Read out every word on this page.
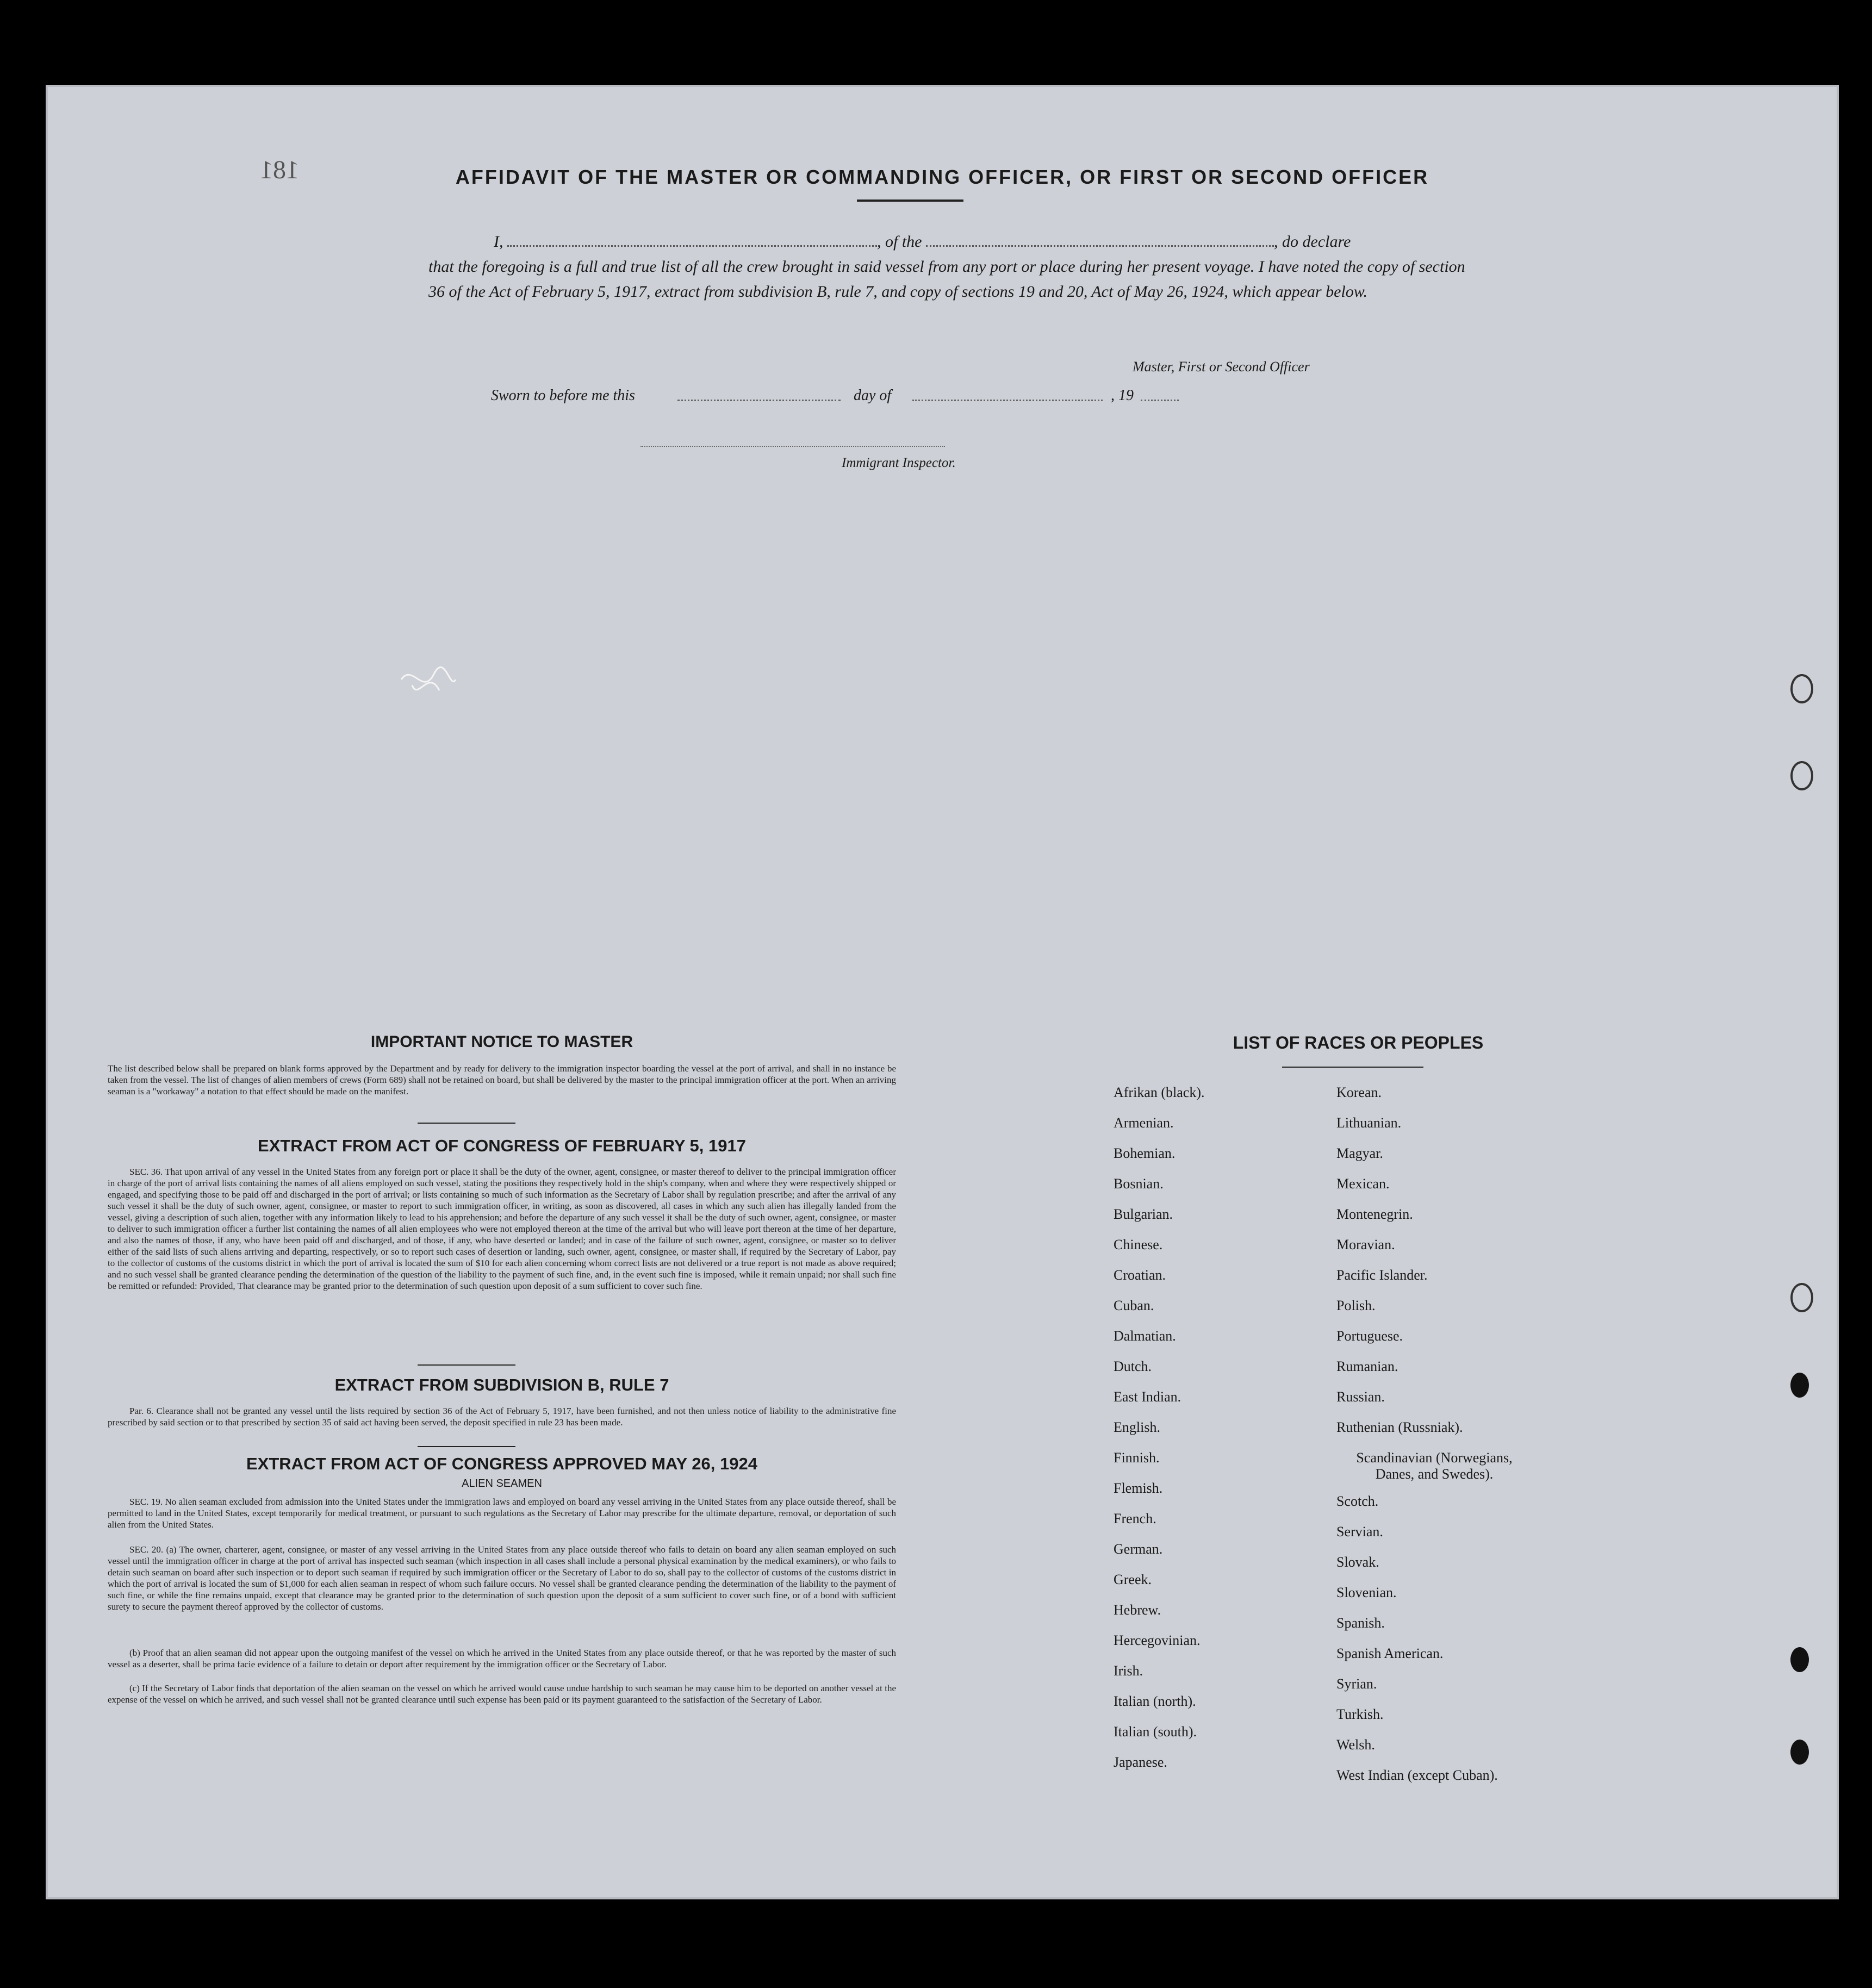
181	AFFIDAVIT OF THE MASTER OR COMMANDING OFFICER, OR FIRST OR SECOND OFFICER
I,	, of the	, do declare
that the foregoing is a full and true list of all the crew brought in said vessel from any port or place during her present voyage. I have noted the copy of section 36 of the Act of February 5, 1917, extract from subdivision B, rule 7, and copy of sections 19 and 20, Act of May 26, 1924, which appear below.
Master, First or Second Officer
Sworn to before me this	day of	, 19
Immigrant Inspector.
IMPORTANT NOTICE TO MASTER
The list described below shall be prepared on blank forms approved by the Department and by ready for delivery to the immigration inspector boarding the vessel at the port of arrival, and shall in no instance be taken from the vessel. The list of changes of alien members of crews (Form 689) shall not be retained on board, but shall be delivered by the master to the principal immigration officer at the port. When an arriving seaman is a "workaway" a notation to that effect should be made on the manifest.
EXTRACT FROM ACT OF CONGRESS OF FEBRUARY 5, 1917
SEC. 36. That upon arrival of any vessel in the United States from any foreign port or place it shall be the duty of the owner, agent, consignee, or master thereof to deliver to the principal immigration officer in charge of the port of arrival lists containing the names of all aliens employed on such vessel, stating the positions they respectively hold in the ship's company, when and where they were respectively shipped or engaged, and specifying those to be paid off and discharged in the port of arrival; or lists containing so much of such information as the Secretary of Labor shall by regulation prescribe; and after the arrival of any such vessel it shall be the duty of such owner, agent, consignee, or master to report to such immigration officer, in writing, as soon as discovered, all cases in which any such alien has illegally landed from the vessel, giving a description of such alien, together with any information likely to lead to his apprehension; and before the departure of any such vessel it shall be the duty of such owner, agent, consignee, or master to deliver to such immigration officer a further list containing the names of all alien employees who were not employed thereon at the time of the arrival but who will leave port thereon at the time of her departure, and also the names of those, if any, who have been paid off and discharged, and of those, if any, who have deserted or landed; and in case of the failure of such owner, agent, consignee, or master so to deliver either of the said lists of such aliens arriving and departing, respectively, or so to report such cases of desertion or landing, such owner, agent, consignee, or master shall, if required by the Secretary of Labor, pay to the collector of customs of the customs district in which the port of arrival is located the sum of $10 for each alien concerning whom correct lists are not delivered or a true report is not made as above required; and no such vessel shall be granted clearance pending the determination of the question of the liability to the payment of such fine, and, in the event such fine is imposed, while it remain unpaid; nor shall such fine be remitted or refunded: Provided, That clearance may be granted prior to the determination of such question upon deposit of a sum sufficient to cover such fine.
EXTRACT FROM SUBDIVISION B, RULE 7
Par. 6. Clearance shall not be granted any vessel until the lists required by section 36 of the Act of February 5, 1917, have been furnished, and not then unless notice of liability to the administrative fine prescribed by said section or to that prescribed by section 35 of said act having been served, the deposit specified in rule 23 has been made.
EXTRACT FROM ACT OF CONGRESS APPROVED MAY 26, 1924
ALIEN SEAMEN
SEC. 19. No alien seaman excluded from admission into the United States under the immigration laws and employed on board any vessel arriving in the United States from any place outside thereof, shall be permitted to land in the United States, except temporarily for medical treatment, or pursuant to such regulations as the Secretary of Labor may prescribe for the ultimate departure, removal, or deportation of such alien from the United States.
SEC. 20. (a) The owner, charterer, agent, consignee, or master of any vessel arriving in the United States from any place outside thereof who fails to detain on board any alien seaman employed on such vessel until the immigration officer in charge at the port of arrival has inspected such seaman (which inspection in all cases shall include a personal physical examination by the medical examiners), or who fails to detain such seaman on board after such inspection or to deport such seaman if required by such immigration officer or the Secretary of Labor to do so, shall pay to the collector of customs of the customs district in which the port of arrival is located the sum of $1,000 for each alien seaman in respect of whom such failure occurs. No vessel shall be granted clearance pending the determination of the liability to the payment of such fine, or while the fine remains unpaid, except that clearance may be granted prior to the determination of such question upon the deposit of a sum sufficient to cover such fine, or of a bond with sufficient surety to secure the payment thereof approved by the collector of customs.
(b) Proof that an alien seaman did not appear upon the outgoing manifest of the vessel on which he arrived in the United States from any place outside thereof, or that he was reported by the master of such vessel as a deserter, shall be prima facie evidence of a failure to detain or deport after requirement by the immigration officer or the Secretary of Labor.
(c) If the Secretary of Labor finds that deportation of the alien seaman on the vessel on which he arrived would cause undue hardship to such seaman he may cause him to be deported on another vessel at the expense of the vessel on which he arrived, and such vessel shall not be granted clearance until such expense has been paid or its payment guaranteed to the satisfaction of the Secretary of Labor.
LIST OF RACES OR PEOPLES
Afrikan (black).
Armenian.
Bohemian.
Bosnian.
Bulgarian.
Chinese.
Croatian.
Cuban.
Dalmatian.
Dutch.
East Indian.
English.
Finnish.
Flemish.
French.
German.
Greek.
Hebrew.
Hercegovinian.
Irish.
Italian (north).
Italian (south).
Japanese.
Korean.
Lithuanian.
Magyar.
Mexican.
Montenegrin.
Moravian.
Pacific Islander.
Polish.
Portuguese.
Rumanian.
Russian.
Ruthenian (Russniak).
Scandinavian (Norwegians, Danes, and Swedes).
Scotch.
Servian.
Slovak.
Slovenian.
Spanish.
Spanish American.
Syrian.
Turkish.
Welsh.
West Indian (except Cuban).
